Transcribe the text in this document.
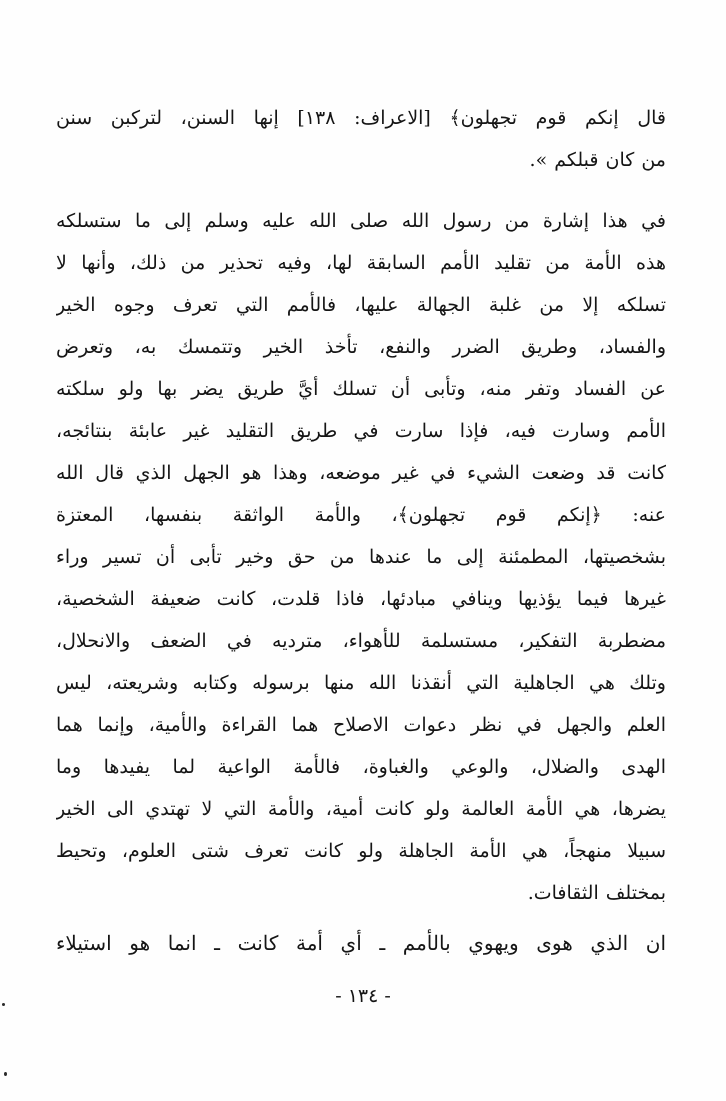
قال إنكم قوم تجهلون﴾ [الاعراف: ١٣٨] إنها السنن، لتركبن سنن
من كان قبلكم ».
في هذا إشارة من رسول الله صلى الله عليه وسلم إلى ما ستسلكه
هذه الأمة من تقليد الأمم السابقة لها، وفيه تحذير من ذلك، وأنها لا
تسلكه إلا من غلبة الجهالة عليها، فالأمم التي تعرف وجوه الخير
والفساد، وطريق الضرر والنفع، تأخذ الخير وتتمسك به، وتعرض
عن الفساد وتفر منه، وتأبى أن تسلك أيَّ طريق يضر بها ولو سلكته
الأمم وسارت فيه، فإذا سارت في طريق التقليد غير عابئة بنتائجه،
كانت قد وضعت الشيء في غير موضعه، وهذا هو الجهل الذي قال الله
عنه: ﴿إنكم قوم تجهلون﴾، والأمة الواثقة بنفسها، المعتزة
بشخصيتها، المطمئنة إلى ما عندها من حق وخير تأبى أن تسير وراء
غيرها فيما يؤذيها وينافي مبادئها، فاذا قلدت، كانت ضعيفة الشخصية،
مضطربة التفكير، مستسلمة للأهواء، مترديه في الضعف والانحلال،
وتلك هي الجاهلية التي أنقذنا الله منها برسوله وكتابه وشريعته، ليس
العلم والجهل في نظر دعوات الاصلاح هما القراءة والأمية، وإنما هما
الهدى والضلال، والوعي والغباوة، فالأمة الواعية لما يفيدها وما
يضرها، هي الأمة العالمة ولو كانت أمية، والأمة التي لا تهتدي الى الخير
سبيلا منهجاً، هي الأمة الجاهلة ولو كانت تعرف شتى العلوم، وتحيط
بمختلف الثقافات.
ان الذي هوى ويهوي بالأمم ـ أي أمة كانت ـ انما هو استيلاء
- ١٣٤ -
